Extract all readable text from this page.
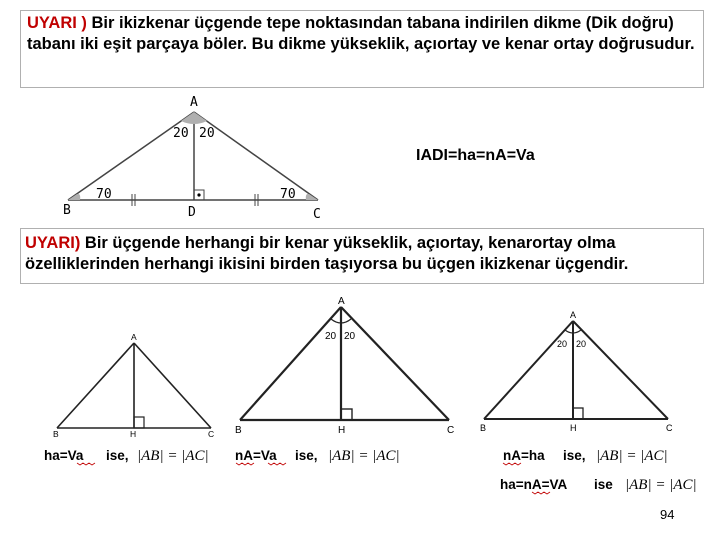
UYARI ) Bir ikizkenar üçgende tepe noktasından tabana indirilen dikme (Dik doğru) tabanı iki eşit parçaya böler. Bu dikme yükseklik, açıortay ve kenar ortay doğrusudur.
IADI=ha=nA=Va
UYARI) Bir üçgende herhangi bir kenar yükseklik, açıortay, kenarortay olma özelliklerinden herhangi ikisini birden taşıyorsa bu üçgen ikizkenar üçgendir.
A
20 20
70	70
B	D	C
A
B	H	C
A
20 20
B	H	C
A
20 20
B	H	C
ha=Va ise, |AB| = |AC| nA=Va ise, |AB| = |AC|	nA=ha ise, |AB| = |AC|
ha=nA=VA ise |AB| = |AC|
94
